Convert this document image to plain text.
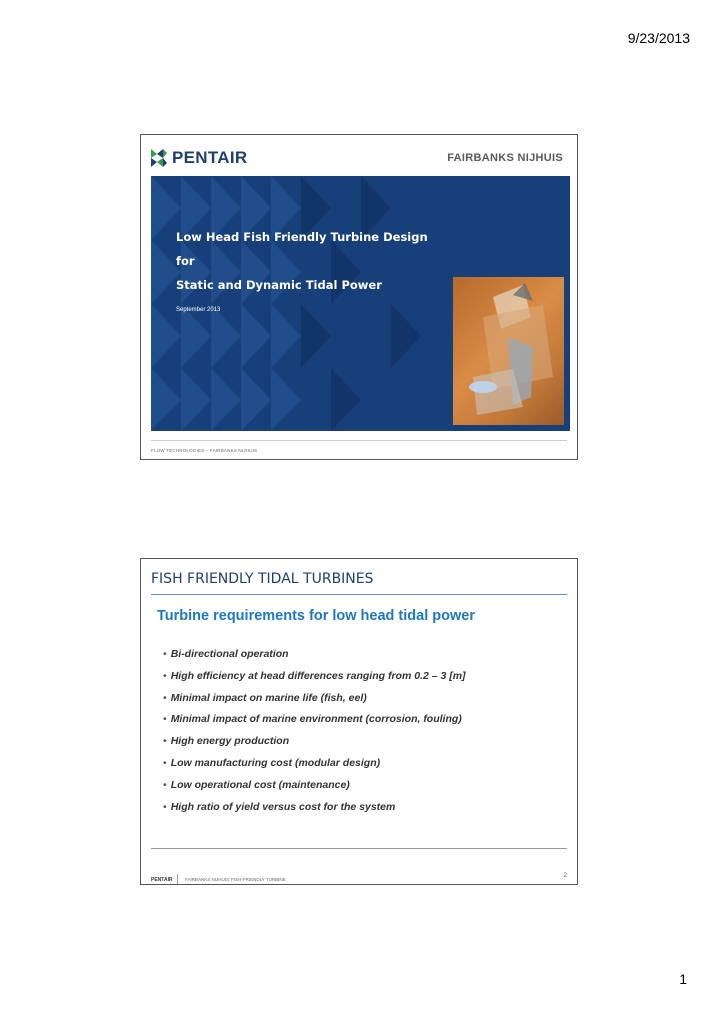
9/23/2013
PENTAIR	FAIRBANKS NIJHUIS
Low Head Fish Friendly Turbine Design
for
Static and Dynamic Tidal Power
September 2013
FLOW TECHNOLOGIES – FAIRBANKS NIJHUIS
FISH FRIENDLY TIDAL TURBINES
Turbine requirements for low head tidal power
• Bi-directional operation
• High efficiency at head differences ranging from 0.2 – 3 [m]
• Minimal impact on marine life (fish, eel)
• Minimal impact of marine environment (corrosion, fouling)
• High energy production
• Low manufacturing cost (modular design)
• Low operational cost (maintenance)
• High ratio of yield versus cost for the system
2
PENTAIR	FAIRBANKS NIJHUIS' FISH-FRIENDLY TURBINE
1
